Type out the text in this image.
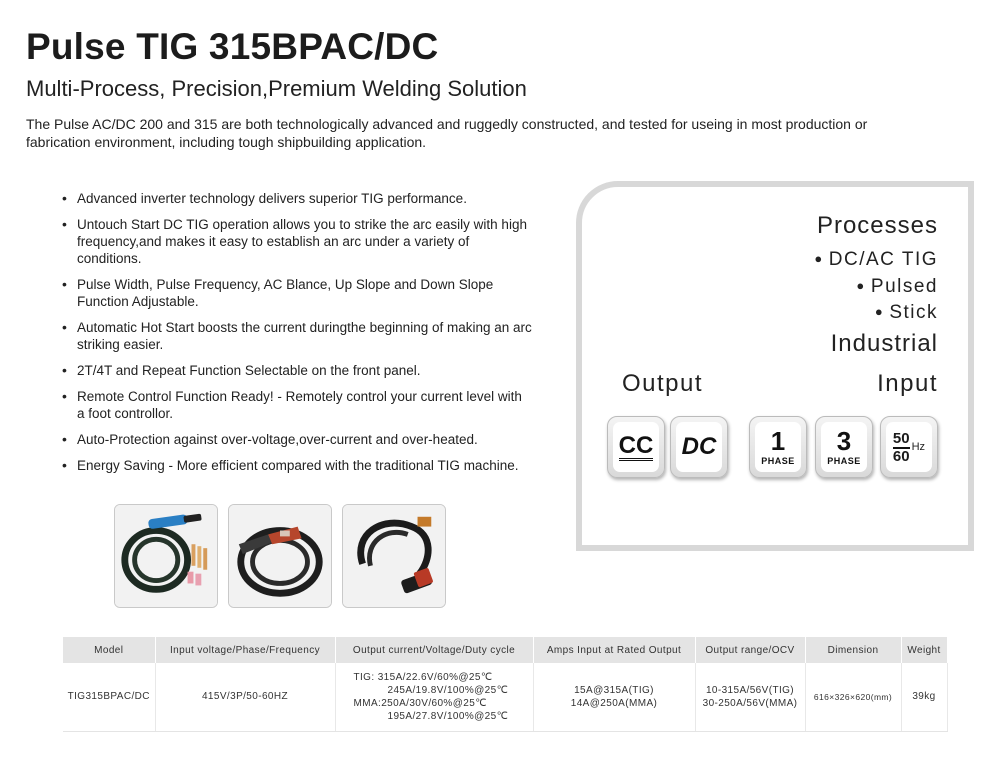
Pulse TIG 315BPAC/DC
Multi-Process, Precision,Premium Welding Solution
The Pulse AC/DC 200 and 315 are both technologically advanced and ruggedly constructed, and tested for useing in most production or fabrication environment, including tough shipbuilding application.
• Advanced inverter technology delivers superior TIG performance.
• Untouch Start DC TIG operation allows you to strike the arc easily with high frequency,and makes it easy to establish an arc under a variety of conditions.
• Pulse Width, Pulse Frequency, AC Blance, Up Slope and Down Slope Function Adjustable.
• Automatic Hot Start boosts the current duringthe beginning of making an arc striking easier.
• 2T/4T and Repeat Function Selectable on the front panel.
• Remote Control Function Ready! - Remotely control your current level with a foot controllor.
• Auto-Protection against over-voltage,over-current and over-heated.
• Energy Saving - More efficient compared with the traditional TIG machine.
Processes
● DC/AC TIG
● Pulsed
● Stick
Industrial
Output	Input
CC DC 1
PHASE
3
PHASE
50
60
Hz
Model	Input voltage/Phase/Frequency	Output current/Voltage/Duty cycle	Amps Input at Rated Output	Output range/OCV	Dimension	Weight
TIG315BPAC/DC	415V/3P/50-60HZ	TIG: 315A/22.6V/60%@25℃
245A/19.8V/100%@25℃
MMA:250A/30V/60%@25℃
195A/27.8V/100%@25℃	15A@315A(TIG)
14A@250A(MMA)	10-315A/56V(TIG)
30-250A/56V(MMA)	616×326×620(mm)	39kg
